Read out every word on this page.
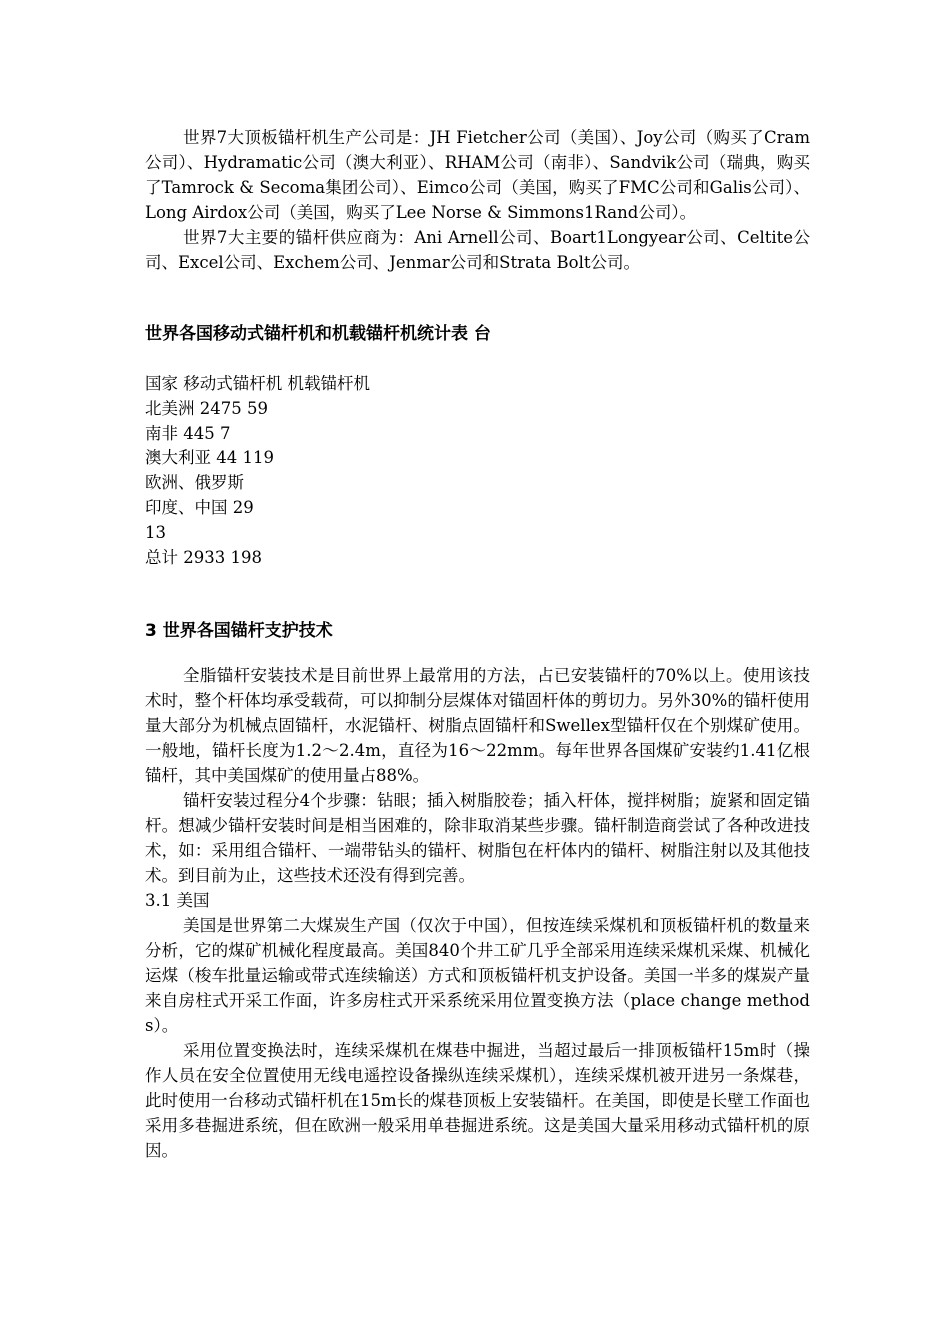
世界7大顶板锚杆机生产公司是：JH Fietcher公司（美国）、Joy公司（购买了Cram公司）、Hydramatic公司（澳大利亚）、RHAM公司（南非）、Sandvik公司（瑞典，购买了Tamrock & Secoma集团公司）、Eimco公司（美国，购买了FMC公司和Galis公司）、Long Airdox公司（美国，购买了Lee Norse & Simmons1Rand公司）。

世界7大主要的锚杆供应商为：Ani Arnell公司、Boart1Longyear公司、Celtite公司、Excel公司、Exchem公司、Jenmar公司和Strata Bolt公司。

世界各国移动式锚杆机和机载锚杆机统计表 台

国家 移动式锚杆机 机载锚杆机

北美洲 2475 59

南非 445 7

澳大利亚 44 119

欧洲、俄罗斯

印度、中国 29

13

总计 2933 198

3 世界各国锚杆支护技术

全脂锚杆安装技术是目前世界上最常用的方法，占已安装锚杆的70%以上。使用该技术时，整个杆体均承受载荷，可以抑制分层煤体对锚固杆体的剪切力。另外30%的锚杆使用量大部分为机械点固锚杆，水泥锚杆、树脂点固锚杆和Swellex型锚杆仅在个别煤矿使用。一般地，锚杆长度为1.2～2.4m，直径为16～22mm。每年世界各国煤矿安装约1.41亿根锚杆，其中美国煤矿的使用量占88%。

锚杆安装过程分4个步骤：钻眼；插入树脂胶卷；插入杆体，搅拌树脂；旋紧和固定锚杆。想减少锚杆安装时间是相当困难的，除非取消某些步骤。锚杆制造商尝试了各种改进技术，如：采用组合锚杆、一端带钻头的锚杆、树脂包在杆体内的锚杆、树脂注射以及其他技术。到目前为止，这些技术还没有得到完善。

3.1 美国

美国是世界第二大煤炭生产国（仅次于中国），但按连续采煤机和顶板锚杆机的数量来分析，它的煤矿机械化程度最高。美国840个井工矿几乎全部采用连续采煤机采煤、机械化运煤（梭车批量运输或带式连续输送）方式和顶板锚杆机支护设备。美国一半多的煤炭产量来自房柱式开采工作面，许多房柱式开采系统采用位置变换方法（place change methods）。

采用位置变换法时，连续采煤机在煤巷中掘进，当超过最后一排顶板锚杆15m时（操作人员在安全位置使用无线电遥控设备操纵连续采煤机），连续采煤机被开进另一条煤巷，此时使用一台移动式锚杆机在15m长的煤巷顶板上安装锚杆。在美国，即使是长壁工作面也采用多巷掘进系统，但在欧洲一般采用单巷掘进系统。这是美国大量采用移动式锚杆机的原因。
